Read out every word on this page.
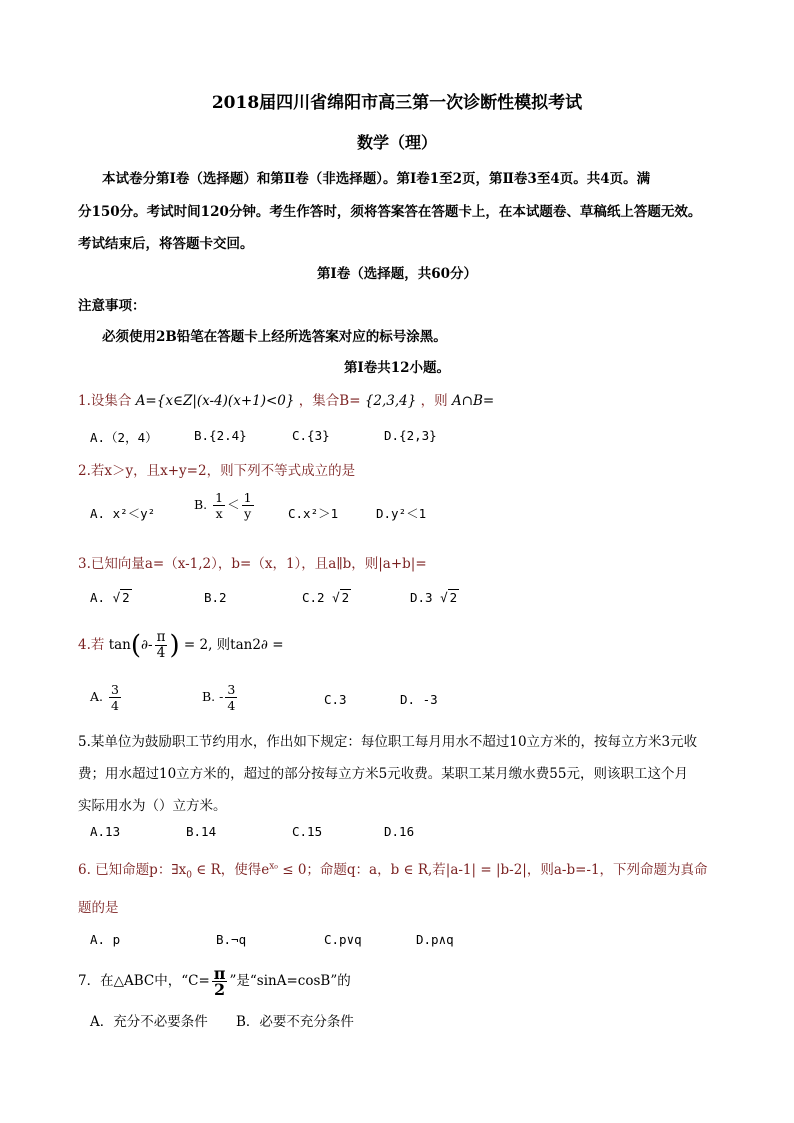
2018届四川省绵阳市高三第一次诊断性模拟考试
数学（理）
本试卷分第Ⅰ卷（选择题）和第Ⅱ卷（非选择题）。第Ⅰ卷1至2页，第Ⅱ卷3至4页。共4页。满
分150分。考试时间120分钟。考生作答时，须将答案答在答题卡上，在本试题卷、草稿纸上答题无效。
考试结束后，将答题卡交回。
第Ⅰ卷（选择题，共60分）
注意事项：
必须使用2B铅笔在答题卡上经所选答案对应的标号涂黑。
第Ⅰ卷共12小题。
1.设集合 A={x∈Z|(x-4)(x+1)<0} ，集合B= {2,3,4} ，则 A∩B=
A.（2，4）	B.{2.4}	C.{3}	D.{2,3}
2.若x＞y，且x+y=2，则下列不等式成立的是
A. x²＜y²
B. $\frac{1}{x} < \frac{1}{y}$	C.x²＞1	D.y²＜1
3.已知向量a=（x-1,2），b=（x，1），且a∥b，则|a+b|=
A. √ 2	B.2	C.2 √ 2	D.3 √ 2
4.若 $\tan(\partial- \frac{\pi}{4}$ ) = 2, 则tan2∂ =
A. $\frac{3}{4}$	B. - $\frac{3}{4}$	C.3	D. -3
5.某单位为鼓励职工节约用水，作出如下规定：每位职工每月用水不超过10立方米的，按每立方米3元收
费；用水超过10立方米的，超过的部分按每立方米5元收费。某职工某月缴水费55元，则该职工这个月
实际用水为（）立方米。
A.13	B.14	C.15	D.16
6. 已知命题p：$\exists x_0$ ∈ R，使得$e^{x_0} \le 0$；命题q：a，b ∈ R,若|a-1| = |b-2|，则a-b=-1，下列命题为真命
题的是
A. p	B.¬q	C.p∨q	D.p∧q
7．在△ABC中，“$C= \frac{\pi}{2}$ ”是“sinA=cosB”的
A．充分不必要条件 B．必要不充分条件
